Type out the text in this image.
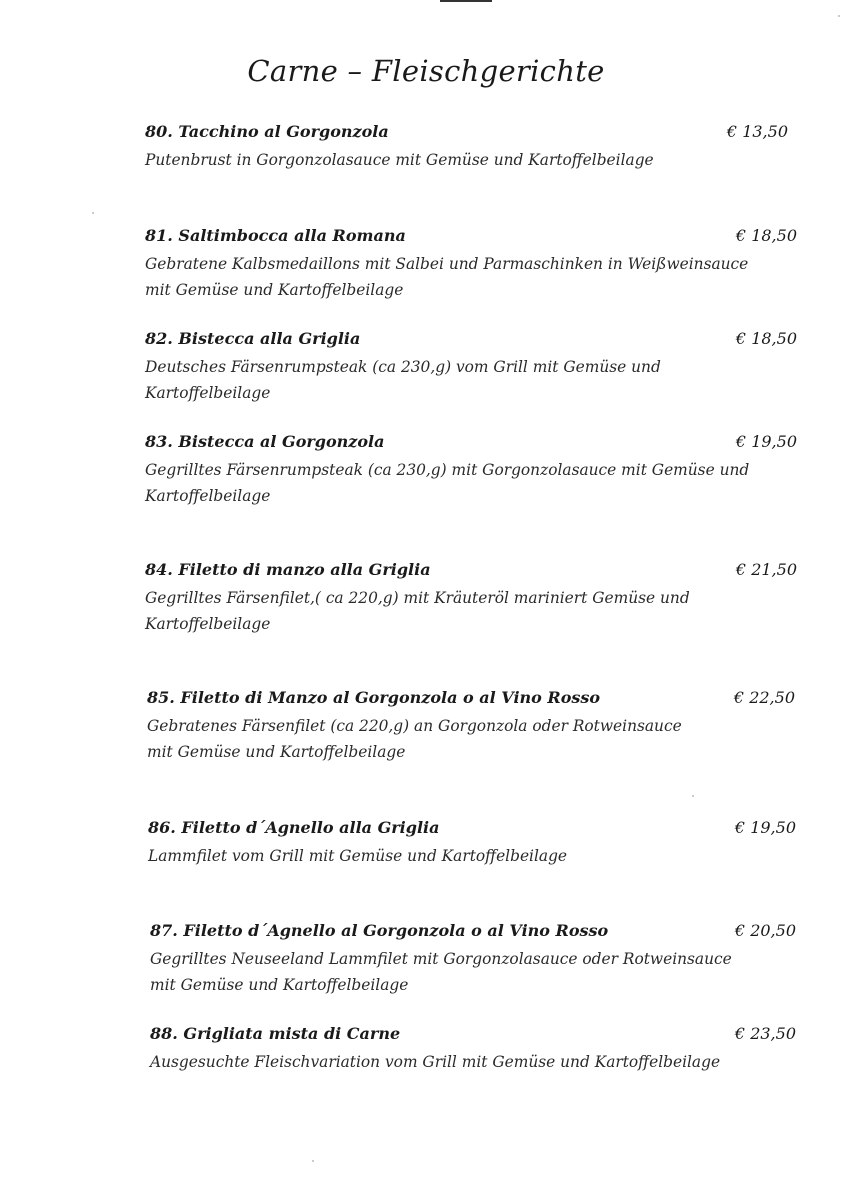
Carne – Fleischgerichte
80. Tacchino al Gorgonzola	€ 13,50
Putenbrust in Gorgonzolasauce mit Gemüse und Kartoffelbeilage
81. Saltimbocca alla Romana	€ 18,50
Gebratene Kalbsmedaillons mit Salbei und Parmaschinken in Weißweinsauce
mit Gemüse und Kartoffelbeilage
82. Bistecca alla Griglia	€ 18,50
Deutsches Färsenrumpsteak (ca 230,g) vom Grill mit Gemüse und
Kartoffelbeilage
83. Bistecca al Gorgonzola	€ 19,50
Gegrilltes Färsenrumpsteak (ca 230,g) mit Gorgonzolasauce mit Gemüse und
Kartoffelbeilage
84. Filetto di manzo alla Griglia	€ 21,50
Gegrilltes Färsenfilet,( ca 220,g) mit Kräuteröl mariniert Gemüse und
Kartoffelbeilage
85. Filetto di Manzo al Gorgonzola o al Vino Rosso	€ 22,50
Gebratenes Färsenfilet (ca 220,g) an Gorgonzola oder Rotweinsauce
mit Gemüse und Kartoffelbeilage
86. Filetto d´Agnello alla Griglia	€ 19,50
Lammfilet vom Grill mit Gemüse und Kartoffelbeilage
87. Filetto d´Agnello al Gorgonzola o al Vino Rosso	€ 20,50
Gegrilltes Neuseeland Lammfilet mit Gorgonzolasauce oder Rotweinsauce
mit Gemüse und Kartoffelbeilage
88. Grigliata mista di Carne	€ 23,50
Ausgesuchte Fleischvariation vom Grill mit Gemüse und Kartoffelbeilage
